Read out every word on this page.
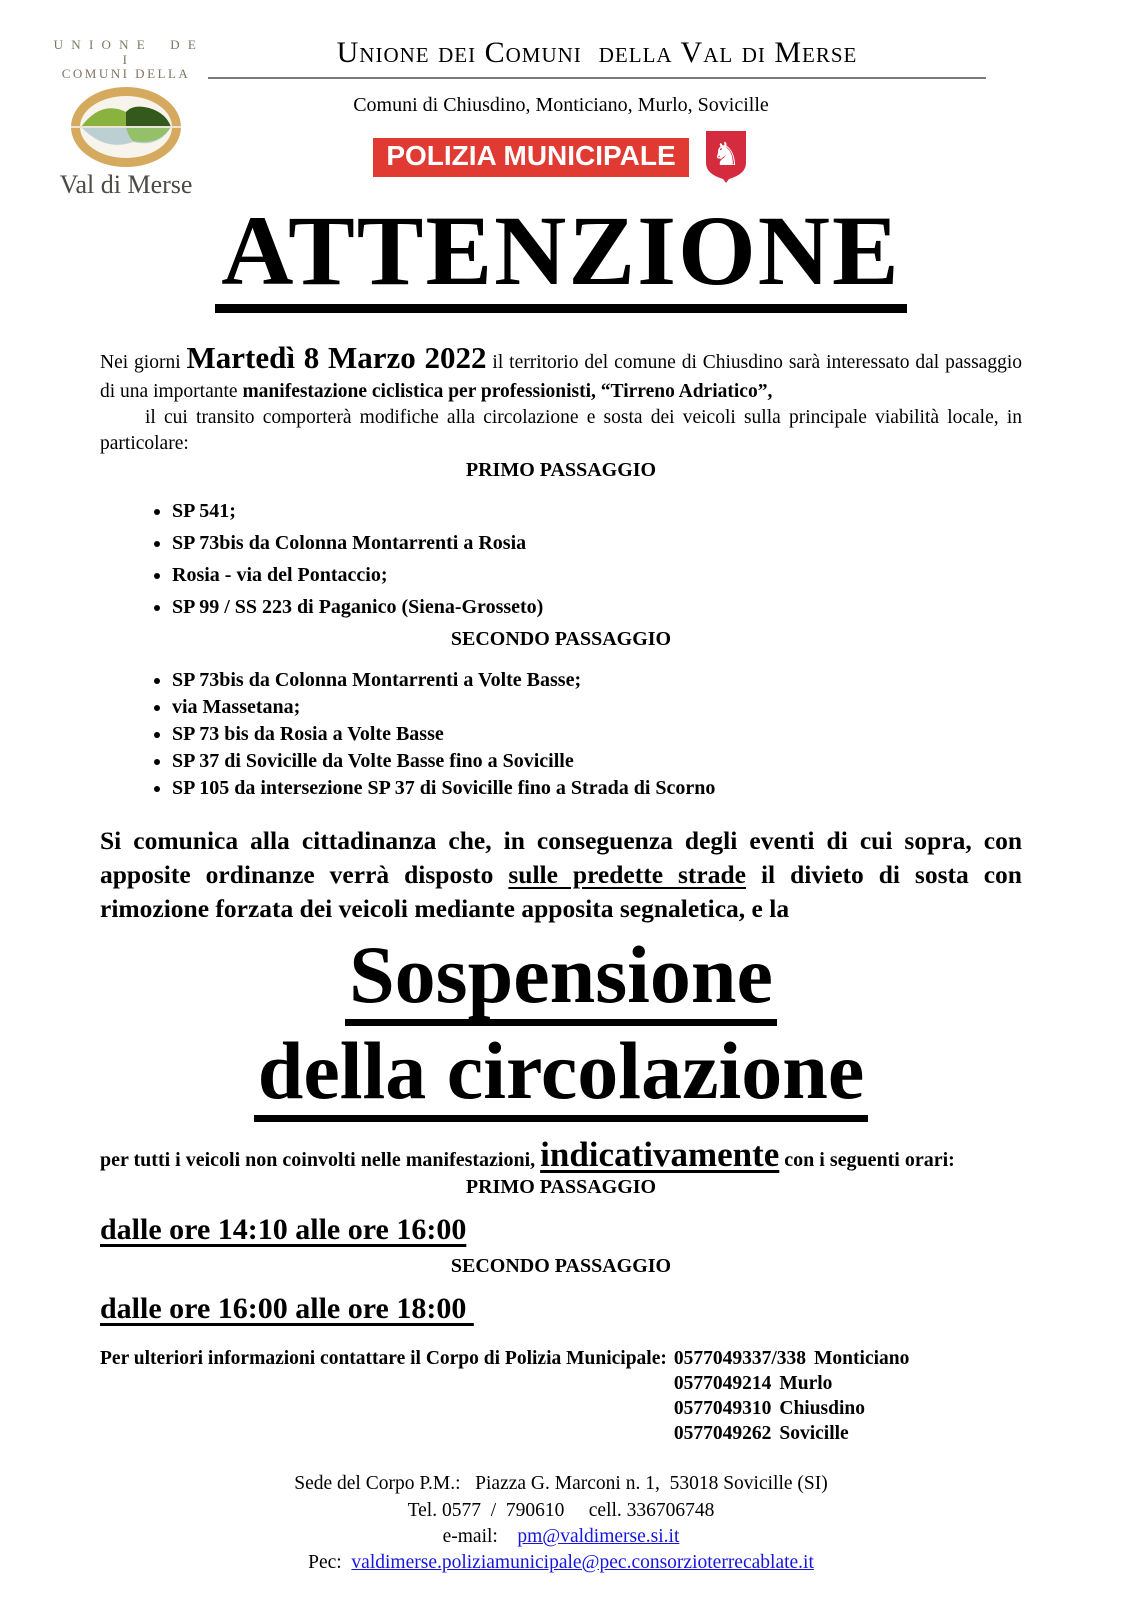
U N I O N E    D E I
COMUNI DELLA
Val di Merse
Unione dei Comuni  della Val di Merse
Comuni di Chiusdino, Monticiano, Murlo, Sovicille
POLIZIA MUNICIPALE	♞
ATTENZIONE

Nei giorni Martedì 8 Marzo 2022 il territorio del comune di Chiusdino sarà interessato dal passaggio di una importante manifestazione ciclistica per professionisti, “Tirreno Adriatico”,

il cui transito comporterà modifiche alla circolazione e sosta dei veicoli sulla principale viabilità locale, in particolare:

PRIMO PASSAGGIO
• SP 541;
• SP 73bis da Colonna Montarrenti a Rosia
• Rosia - via del Pontaccio;
• SP 99 / SS 223 di Paganico (Siena-Grosseto)
SECONDO PASSAGGIO
• SP 73bis da Colonna Montarrenti a Volte Basse;
• via Massetana;
• SP 73 bis da Rosia a Volte Basse
• SP 37 di Sovicille da Volte Basse fino a Sovicille
• SP 105 da intersezione SP 37 di Sovicille fino a Strada di Scorno

Si comunica alla cittadinanza che, in conseguenza degli eventi di cui sopra, con apposite ordinanze verrà disposto sulle predette strade il divieto di sosta con rimozione forzata dei veicoli mediante apposita segnaletica, e la

Sospensione
della circolazione
per tutti i veicoli non coinvolti nelle manifestazioni, indicativamente con i seguenti orari:
PRIMO PASSAGGIO
dalle ore 14:10 alle ore 16:00
SECONDO PASSAGGIO
dalle ore 16:00 alle ore 18:00
Per ulteriori informazioni contattare il Corpo di Polizia Municipale: 0577049337/338 Monticiano
0577049214 Murlo
0577049310 Chiusdino
0577049262 Sovicille
Sede del Corpo P.M.:   Piazza G. Marconi n. 1,  53018 Sovicille (SI)
Tel. 0577  /  790610     cell. 336706748
e-mail:    pm@valdimerse.si.it
Pec:  valdimerse.poliziamunicipale@pec.consorzioterrecablate.it
